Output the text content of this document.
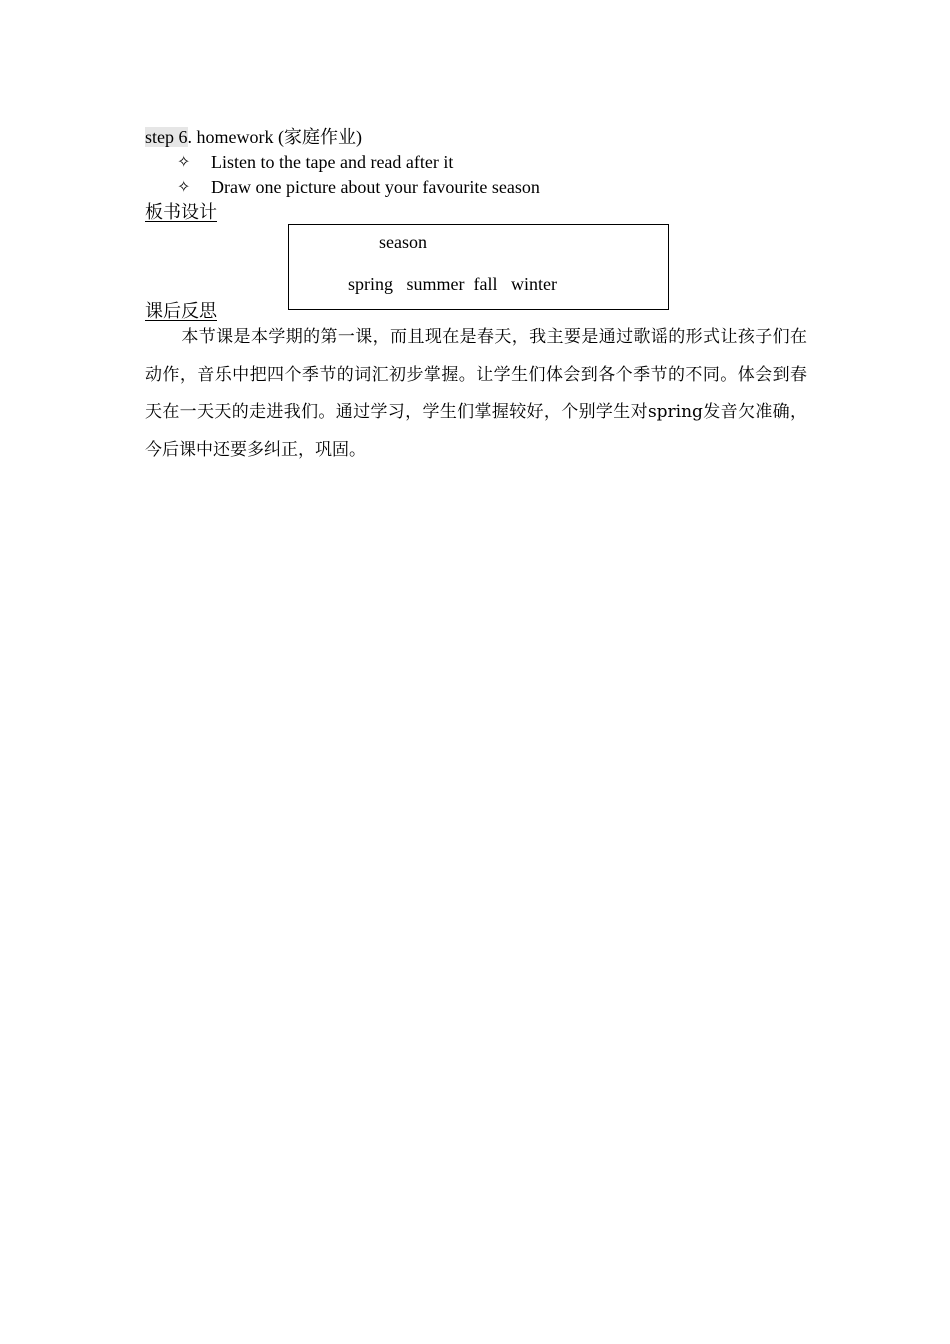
step 6. homework (家庭作业)
✧	Listen to the tape and read after it
✧	Draw one picture about your favourite season
板书设计
season
spring   summer  fall   winter
课后反思
本节课是本学期的第一课，而且现在是春天，我主要是通过歌谣的形式让孩子们在动作，音乐中把四个季节的词汇初步掌握。让学生们体会到各个季节的不同。体会到春天在一天天的走进我们。通过学习，学生们掌握较好，个别学生对spring发音欠准确，今后课中还要多纠正，巩固。
